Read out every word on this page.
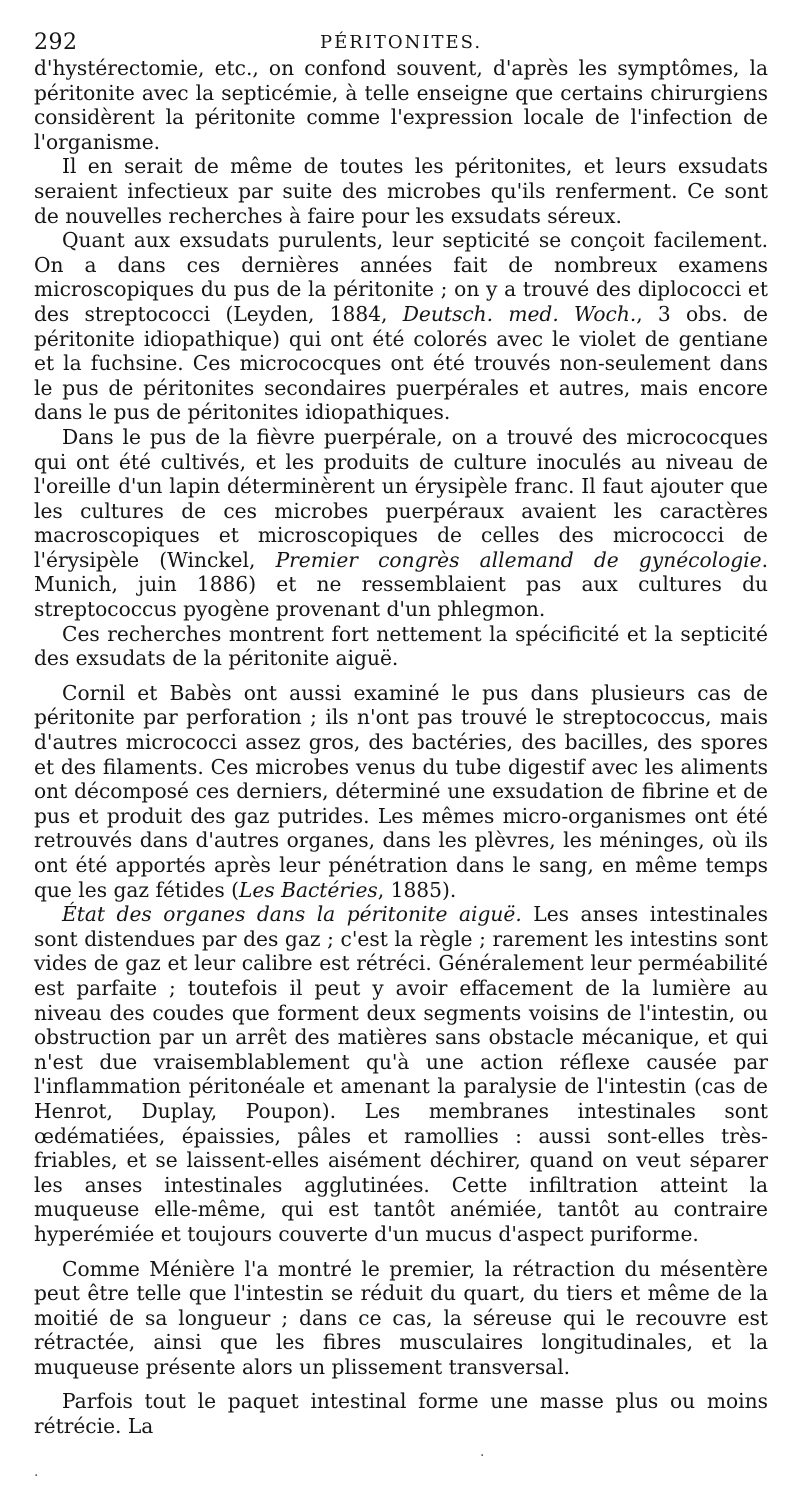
292	PÉRITONITES.

d'hystérectomie, etc., on confond souvent, d'après les symptômes, la péritonite avec la septicémie, à telle enseigne que certains chirurgiens considèrent la péritonite comme l'expression locale de l'infection de l'organisme.

Il en serait de même de toutes les péritonites, et leurs exsudats seraient infectieux par suite des microbes qu'ils renferment. Ce sont de nouvelles recherches à faire pour les exsudats séreux.

Quant aux exsudats purulents, leur septicité se conçoit facilement. On a dans ces dernières années fait de nombreux examens microscopiques du pus de la péritonite ; on y a trouvé des diplococci et des streptococci (Leyden, 1884, Deutsch. med. Woch., 3 obs. de péritonite idiopathique) qui ont été colorés avec le violet de gentiane et la fuchsine. Ces micrococques ont été trouvés non-seulement dans le pus de péritonites secondaires puerpérales et autres, mais encore dans le pus de péritonites idiopathiques.

Dans le pus de la fièvre puerpérale, on a trouvé des micrococques qui ont été cultivés, et les produits de culture inoculés au niveau de l'oreille d'un lapin déterminèrent un érysipèle franc. Il faut ajouter que les cultures de ces microbes puerpéraux avaient les caractères macroscopiques et microscopiques de celles des micrococci de l'érysipèle (Winckel, Premier congrès allemand de gynécologie. Munich, juin 1886) et ne ressemblaient pas aux cultures du streptococcus pyogène provenant d'un phlegmon.

Ces recherches montrent fort nettement la spécificité et la septicité des exsudats de la péritonite aiguë.

Cornil et Babès ont aussi examiné le pus dans plusieurs cas de péritonite par perforation ; ils n'ont pas trouvé le streptococcus, mais d'autres micrococci assez gros, des bactéries, des bacilles, des spores et des filaments. Ces microbes venus du tube digestif avec les aliments ont décomposé ces derniers, déterminé une exsudation de fibrine et de pus et produit des gaz putrides. Les mêmes micro-organismes ont été retrouvés dans d'autres organes, dans les plèvres, les méninges, où ils ont été apportés après leur pénétration dans le sang, en même temps que les gaz fétides (Les Bactéries, 1885).

État des organes dans la péritonite aiguë. Les anses intestinales sont distendues par des gaz ; c'est la règle ; rarement les intestins sont vides de gaz et leur calibre est rétréci. Généralement leur perméabilité est parfaite ; toutefois il peut y avoir effacement de la lumière au niveau des coudes que forment deux segments voisins de l'intestin, ou obstruction par un arrêt des matières sans obstacle mécanique, et qui n'est due vraisemblablement qu'à une action réflexe causée par l'inflammation péritonéale et amenant la paralysie de l'intestin (cas de Henrot, Duplay, Poupon). Les membranes intestinales sont œdématiées, épaissies, pâles et ramollies : aussi sont-elles très-friables, et se laissent-elles aisément déchirer, quand on veut séparer les anses intestinales agglutinées. Cette infiltration atteint la muqueuse elle-même, qui est tantôt anémiée, tantôt au contraire hyperémiée et toujours couverte d'un mucus d'aspect puriforme.

Comme Ménière l'a montré le premier, la rétraction du mésentère peut être telle que l'intestin se réduit du quart, du tiers et même de la moitié de sa longueur ; dans ce cas, la séreuse qui le recouvre est rétractée, ainsi que les fibres musculaires longitudinales, et la muqueuse présente alors un plissement transversal.

Parfois tout le paquet intestinal forme une masse plus ou moins rétrécie. La

·
·
